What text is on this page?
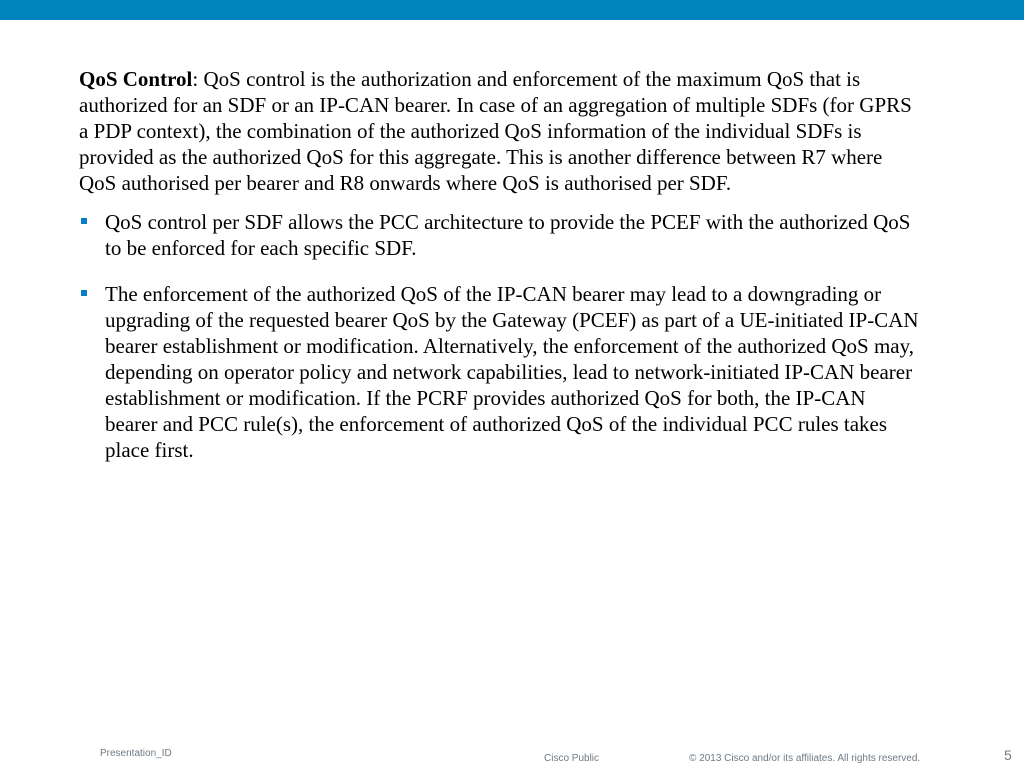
QoS Control: QoS control is the authorization and enforcement of the maximum QoS that is authorized for an SDF or an IP-CAN bearer. In case of an aggregation of multiple SDFs (for GPRS a PDP context), the combination of the authorized QoS information of the individual SDFs is provided as the authorized QoS for this aggregate. This is another difference between R7 where QoS authorised per bearer and R8 onwards where QoS is authorised per SDF.

QoS control per SDF allows the PCC architecture to provide the PCEF with the authorized QoS to be enforced for each specific SDF.
The enforcement of the authorized QoS of the IP-CAN bearer may lead to a downgrading or upgrading of the requested bearer QoS by the Gateway (PCEF) as part of a UE-initiated IP-CAN bearer establishment or modification. Alternatively, the enforcement of the authorized QoS may, depending on operator policy and network capabilities, lead to network-initiated IP-CAN bearer establishment or modification. If the PCRF provides authorized QoS for both, the IP-CAN bearer and PCC rule(s), the enforcement of authorized QoS of the individual PCC rules takes place first.
Presentation_ID	Cisco Public	© 2013 Cisco and/or its affiliates. All rights reserved.	5
